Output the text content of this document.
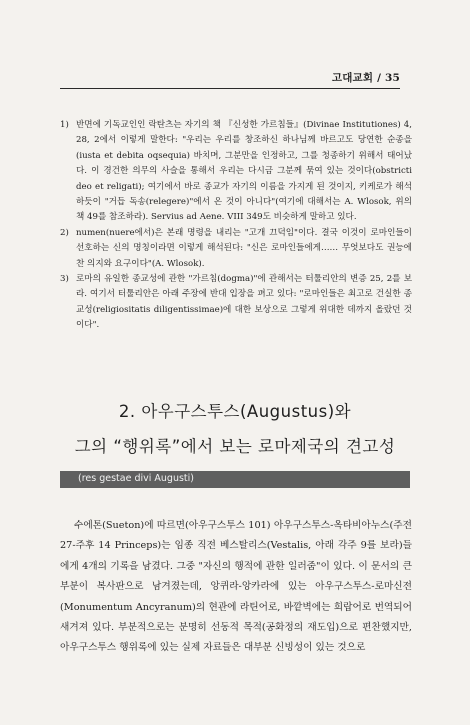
고대교회 / 35
1) 반면에 기독교인인 락탄츠는 자기의 책 『신성한 가르침들』(Divinae Institutiones) 4, 28, 2에서 이렇게 말한다: "우리는 우리를 창조하신 하나님께 바르고도 당연한 순종을(iusta et debita oqsequia) 바치며, 그분만을 인정하고, 그를 청종하기 위해서 태어났다. 이 경건한 의무의 사슬을 통해서 우리는 다시금 그분께 묶여 있는 것이다(obstricti deo et religati); 여기에서 바로 종교가 자기의 이름을 가지게 된 것이지, 키케로가 해석하듯이 "거듭 독송(relegere)"에서 온 것이 아니다"(여기에 대해서는 A. Wlosok, 위의 책 49를 참조하라). Servius ad Aene. VIII 349도 비슷하게 말하고 있다.
2) numen(nuere에서)은 본래 명령을 내리는 "고개 끄덕임"이다. 결국 이것이 로마인들이 선호하는 신의 명칭이라면 이렇게 해석된다: "신은 로마인들에게…… 무엇보다도 권능에 찬 의지와 요구이다"(A. Wlosok).
3) 로마의 유일한 종교성에 관한 "가르침(dogma)"에 관해서는 터툴리안의 변증 25, 2를 보라. 여기서 터툴리안은 아래 주장에 반대 입장을 펴고 있다: "로마인들은 최고로 건실한 종교성(religiositatis diligentissimae)에 대한 보상으로 그렇게 위대한 데까지 올랐던 것이다".
2. 아우구스투스(Augustus)와
그의 “행위록”에서 보는 로마제국의 견고성
(res gestae divi Augusti)

수에톤(Sueton)에 따르면(아우구스투스 101) 아우구스투스-옥타비아누스(주전 27-주후 14 Princeps)는 임종 직전 베스탈리스(Vestalis, 아래 각주 9를 보라)들에게 4개의 기록을 남겼다. 그중 "자신의 행적에 관한 일러줌"이 있다. 이 문서의 큰 부분이 복사판으로 남겨졌는데, 앙퀴라-앙카라에 있는 아우구스투스-로마신전(Monumentum Ancyranum)의 현관에 라틴어로, 바깥벽에는 희랍어로 번역되어 새겨져 있다. 부분적으로는 분명히 선동적 목적(공화정의 재도입)으로 편찬했지만, 아우구스투스 행위록에 있는 실제 자료들은 대부분 신빙성이 있는 것으로
